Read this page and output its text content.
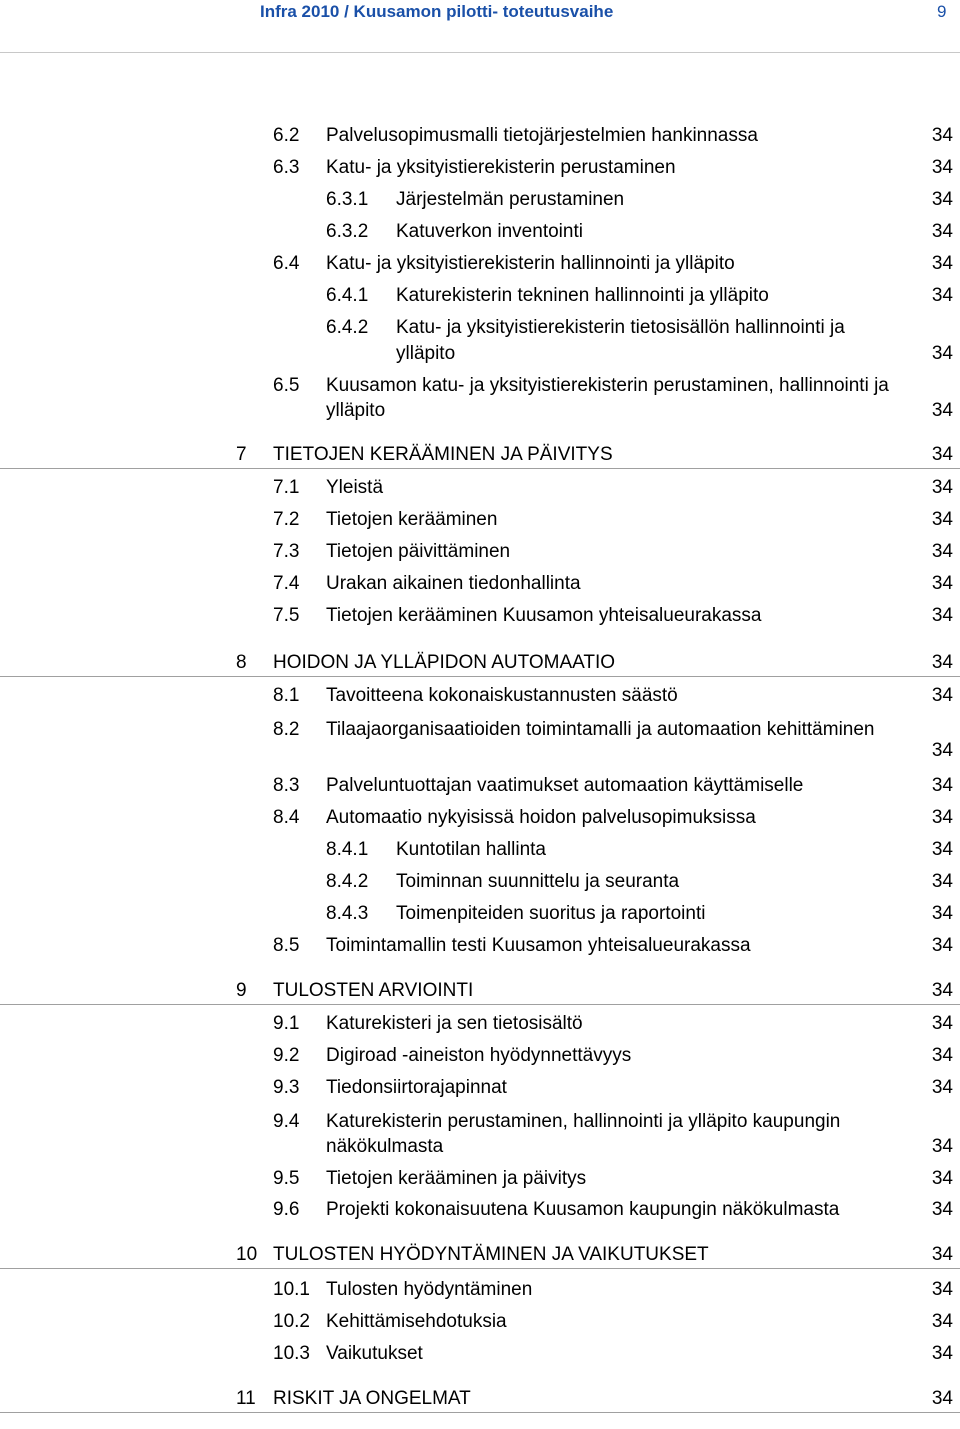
Infra 2010 / Kuusamon pilotti- toteutusvaihe	9
6.2 Palvelusopimusmalli tietojärjestelmien hankinnassa	34
6.3 Katu- ja yksityistierekisterin perustaminen	34
6.3.1 Järjestelmän perustaminen	34
6.3.2 Katuverkon inventointi	34
6.4 Katu- ja yksityistierekisterin hallinnointi ja ylläpito	34
6.4.1 Katurekisterin tekninen hallinnointi ja ylläpito	34
6.4.2 Katu- ja yksityistierekisterin tietosisällön hallinnointi ja
ylläpito	34
6.5 Kuusamon katu- ja yksityistierekisterin perustaminen, hallinnointi ja
ylläpito	34
7 TIETOJEN KERÄÄMINEN JA PÄIVITYS	34
7.1 Yleistä	34
7.2 Tietojen kerääminen	34
7.3 Tietojen päivittäminen	34
7.4 Urakan aikainen tiedonhallinta	34
7.5 Tietojen kerääminen Kuusamon yhteisalueurakassa	34
8 HOIDON JA YLLÄPIDON AUTOMAATIO	34
8.1 Tavoitteena kokonaiskustannusten säästö	34
8.2 Tilaajaorganisaatioiden toimintamalli ja automaation kehittäminen
34
8.3 Palveluntuottajan vaatimukset automaation käyttämiselle	34
8.4 Automaatio nykyisissä hoidon palvelusopimuksissa	34
8.4.1 Kuntotilan hallinta	34
8.4.2 Toiminnan suunnittelu ja seuranta	34
8.4.3 Toimenpiteiden suoritus ja raportointi	34
8.5 Toimintamallin testi Kuusamon yhteisalueurakassa	34
9 TULOSTEN ARVIOINTI	34
9.1 Katurekisteri ja sen tietosisältö	34
9.2 Digiroad -aineiston hyödynnettävyys	34
9.3 Tiedonsiirtorajapinnat	34
9.4 Katurekisterin perustaminen, hallinnointi ja ylläpito kaupungin
näkökulmasta	34
9.5 Tietojen kerääminen ja päivitys	34
9.6 Projekti kokonaisuutena Kuusamon kaupungin näkökulmasta	34
10 TULOSTEN HYÖDYNTÄMINEN JA VAIKUTUKSET	34
10.1 Tulosten hyödyntäminen	34
10.2 Kehittämisehdotuksia	34
10.3 Vaikutukset	34
11 RISKIT JA ONGELMAT	34
